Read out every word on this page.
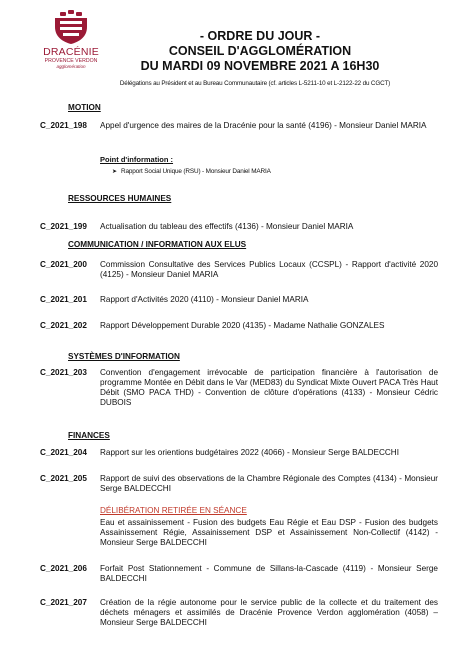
DRACÉNIE
PROVENCE VERDON
agglomération
- ORDRE DU JOUR -
CONSEIL D'AGGLOMÉRATION
DU MARDI 09 NOVEMBRE 2021 A 16H30
Délégations au Président et au Bureau Communautaire (cf. articles L-5211-10 et L-2122-22 du CGCT)
MOTION
C_2021_198 Appel d'urgence des maires de la Dracénie pour la santé (4196) - Monsieur Daniel MARIA
Point d'information :
➤ Rapport Social Unique (RSU) - Monsieur Daniel MARIA
RESSOURCES HUMAINES
C_2021_199 Actualisation du tableau des effectifs (4136) - Monsieur Daniel MARIA
COMMUNICATION / INFORMATION AUX ELUS
C_2021_200 Commission Consultative des Services Publics Locaux (CCSPL) - Rapport d'activité 2020 (4125) - Monsieur Daniel MARIA
C_2021_201 Rapport d'Activités 2020 (4110) - Monsieur Daniel MARIA
C_2021_202 Rapport Développement Durable 2020 (4135) - Madame Nathalie GONZALES
SYSTÈMES D'INFORMATION
C_2021_203 Convention d'engagement irrévocable de participation financière à l'autorisation de programme Montée en Débit dans le Var (MED83) du Syndicat Mixte Ouvert PACA Très Haut Débit (SMO PACA THD) - Convention de clôture d'opérations (4133) - Monsieur Cédric DUBOIS
FINANCES
C_2021_204 Rapport sur les orientions budgétaires 2022 (4066) - Monsieur Serge BALDECCHI
C_2021_205 Rapport de suivi des observations de la Chambre Régionale des Comptes (4134) - Monsieur Serge BALDECCHI
DÉLIBÉRATION RETIRÉE EN SÉANCE
Eau et assainissement - Fusion des budgets Eau Régie et Eau DSP - Fusion des budgets Assainissement Régie, Assainissement DSP et Assainissement Non-Collectif (4142) - Monsieur Serge BALDECCHI
C_2021_206 Forfait Post Stationnement - Commune de Sillans-la-Cascade (4119) - Monsieur Serge BALDECCHI
C_2021_207 Création de la régie autonome pour le service public de la collecte et du traitement des déchets ménagers et assimilés de Dracénie Provence Verdon agglomération (4058) – Monsieur Serge BALDECCHI
